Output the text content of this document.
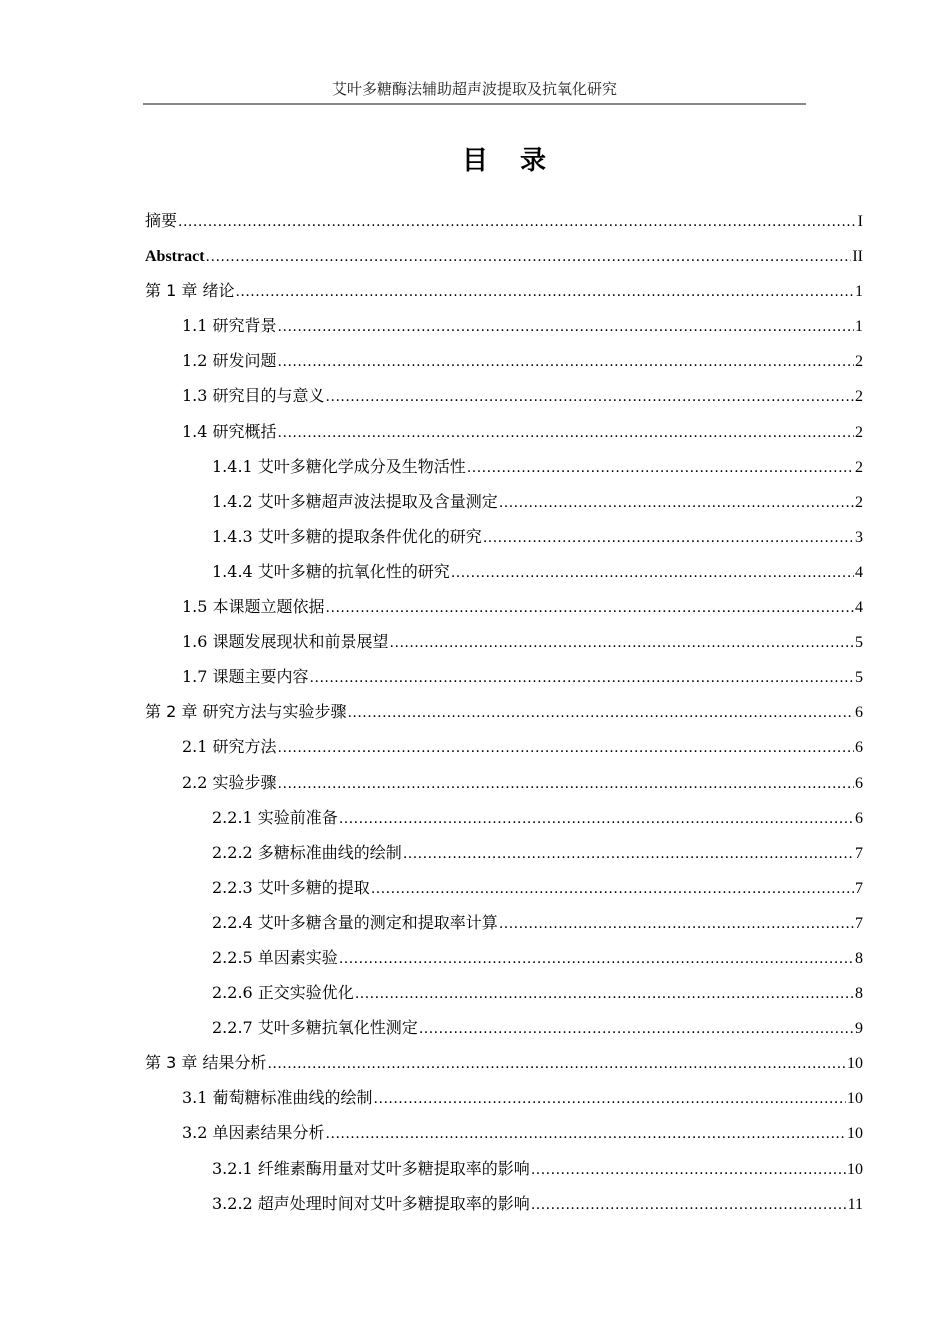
艾叶多糖酶法辅助超声波提取及抗氧化研究
目 录
摘要 .....	I
Abstract .....	II
第 1 章 绪论 .....	1
1.1 研究背景 .....	1
1.2 研发问题 .....	2
1.3 研究目的与意义 .....	2
1.4 研究概括 .....	2
1.4.1 艾叶多糖化学成分及生物活性 .....	2
1.4.2 艾叶多糖超声波法提取及含量测定 .....	2
1.4.3 艾叶多糖的提取条件优化的研究 .....	3
1.4.4 艾叶多糖的抗氧化性的研究 .....	4
1.5 本课题立题依据 .....	4
1.6 课题发展现状和前景展望 .....	5
1.7 课题主要内容 .....	5
第 2 章 研究方法与实验步骤 .....	6
2.1 研究方法 .....	6
2.2 实验步骤 .....	6
2.2.1 实验前准备 .....	6
2.2.2 多糖标准曲线的绘制 .....	7
2.2.3 艾叶多糖的提取 .....	7
2.2.4 艾叶多糖含量的测定和提取率计算 .....	7
2.2.5 单因素实验 .....	8
2.2.6 正交实验优化 .....	8
2.2.7 艾叶多糖抗氧化性测定 .....	9
第 3 章 结果分析 .....	10
3.1 葡萄糖标准曲线的绘制 .....	10
3.2 单因素结果分析 .....	10
3.2.1 纤维素酶用量对艾叶多糖提取率的影响 .....	10
3.2.2 超声处理时间对艾叶多糖提取率的影响 .....	11
